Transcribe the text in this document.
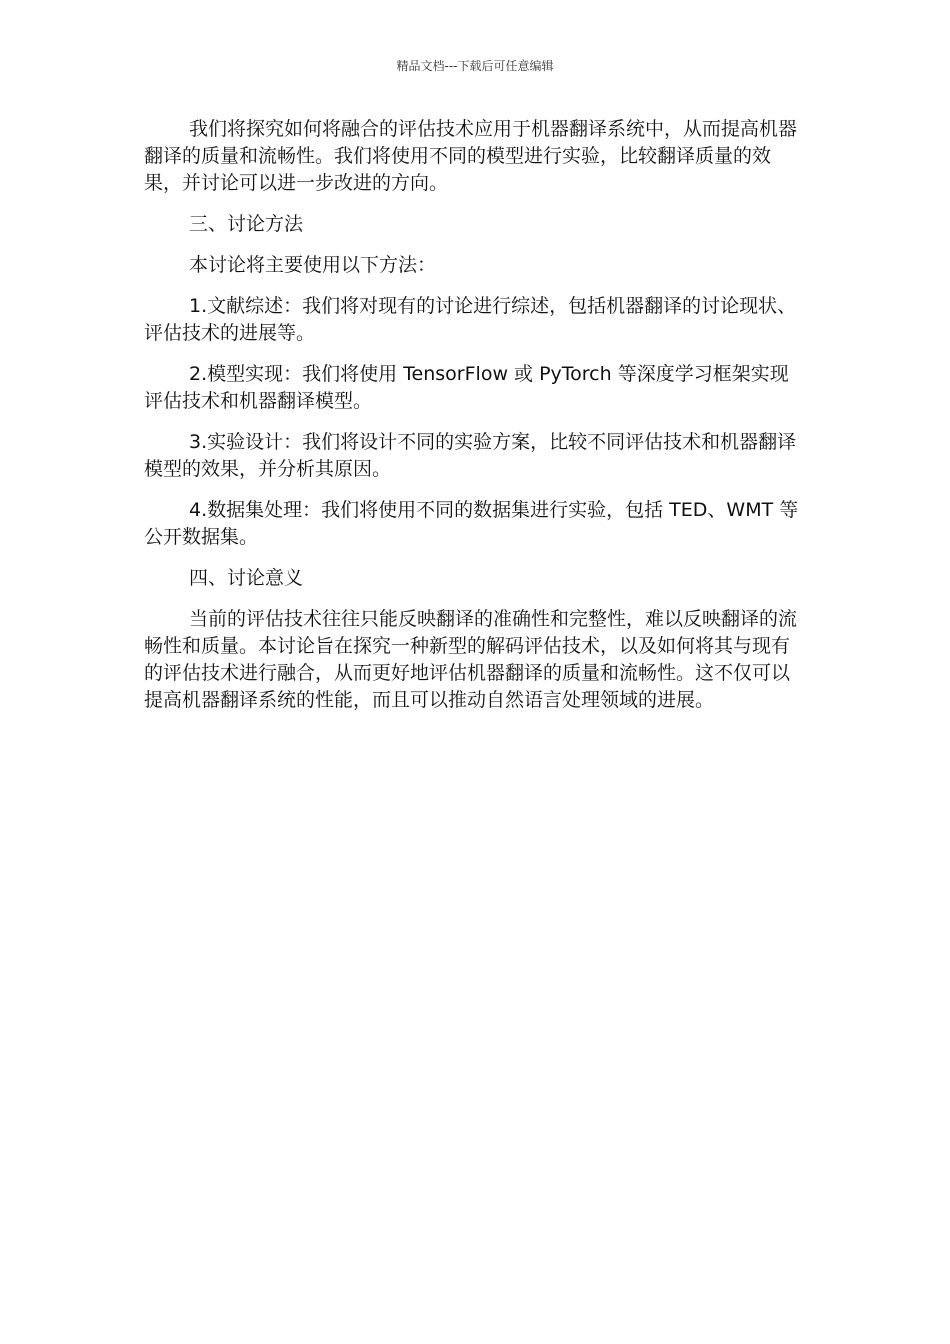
精品文档---下载后可任意编辑

我们将探究如何将融合的评估技术应用于机器翻译系统中，从而提高机器翻译的质量和流畅性。我们将使用不同的模型进行实验，比较翻译质量的效果，并讨论可以进一步改进的方向。

三、讨论方法

本讨论将主要使用以下方法：

1.文献综述：我们将对现有的讨论进行综述，包括机器翻译的讨论现状、评估技术的进展等。

2.模型实现：我们将使用 TensorFlow 或 PyTorch 等深度学习框架实现评估技术和机器翻译模型。

3.实验设计：我们将设计不同的实验方案，比较不同评估技术和机器翻译模型的效果，并分析其原因。

4.数据集处理：我们将使用不同的数据集进行实验，包括 TED、WMT 等公开数据集。

四、讨论意义

当前的评估技术往往只能反映翻译的准确性和完整性，难以反映翻译的流畅性和质量。本讨论旨在探究一种新型的解码评估技术，以及如何将其与现有的评估技术进行融合，从而更好地评估机器翻译的质量和流畅性。这不仅可以提高机器翻译系统的性能，而且可以推动自然语言处理领域的进展。
